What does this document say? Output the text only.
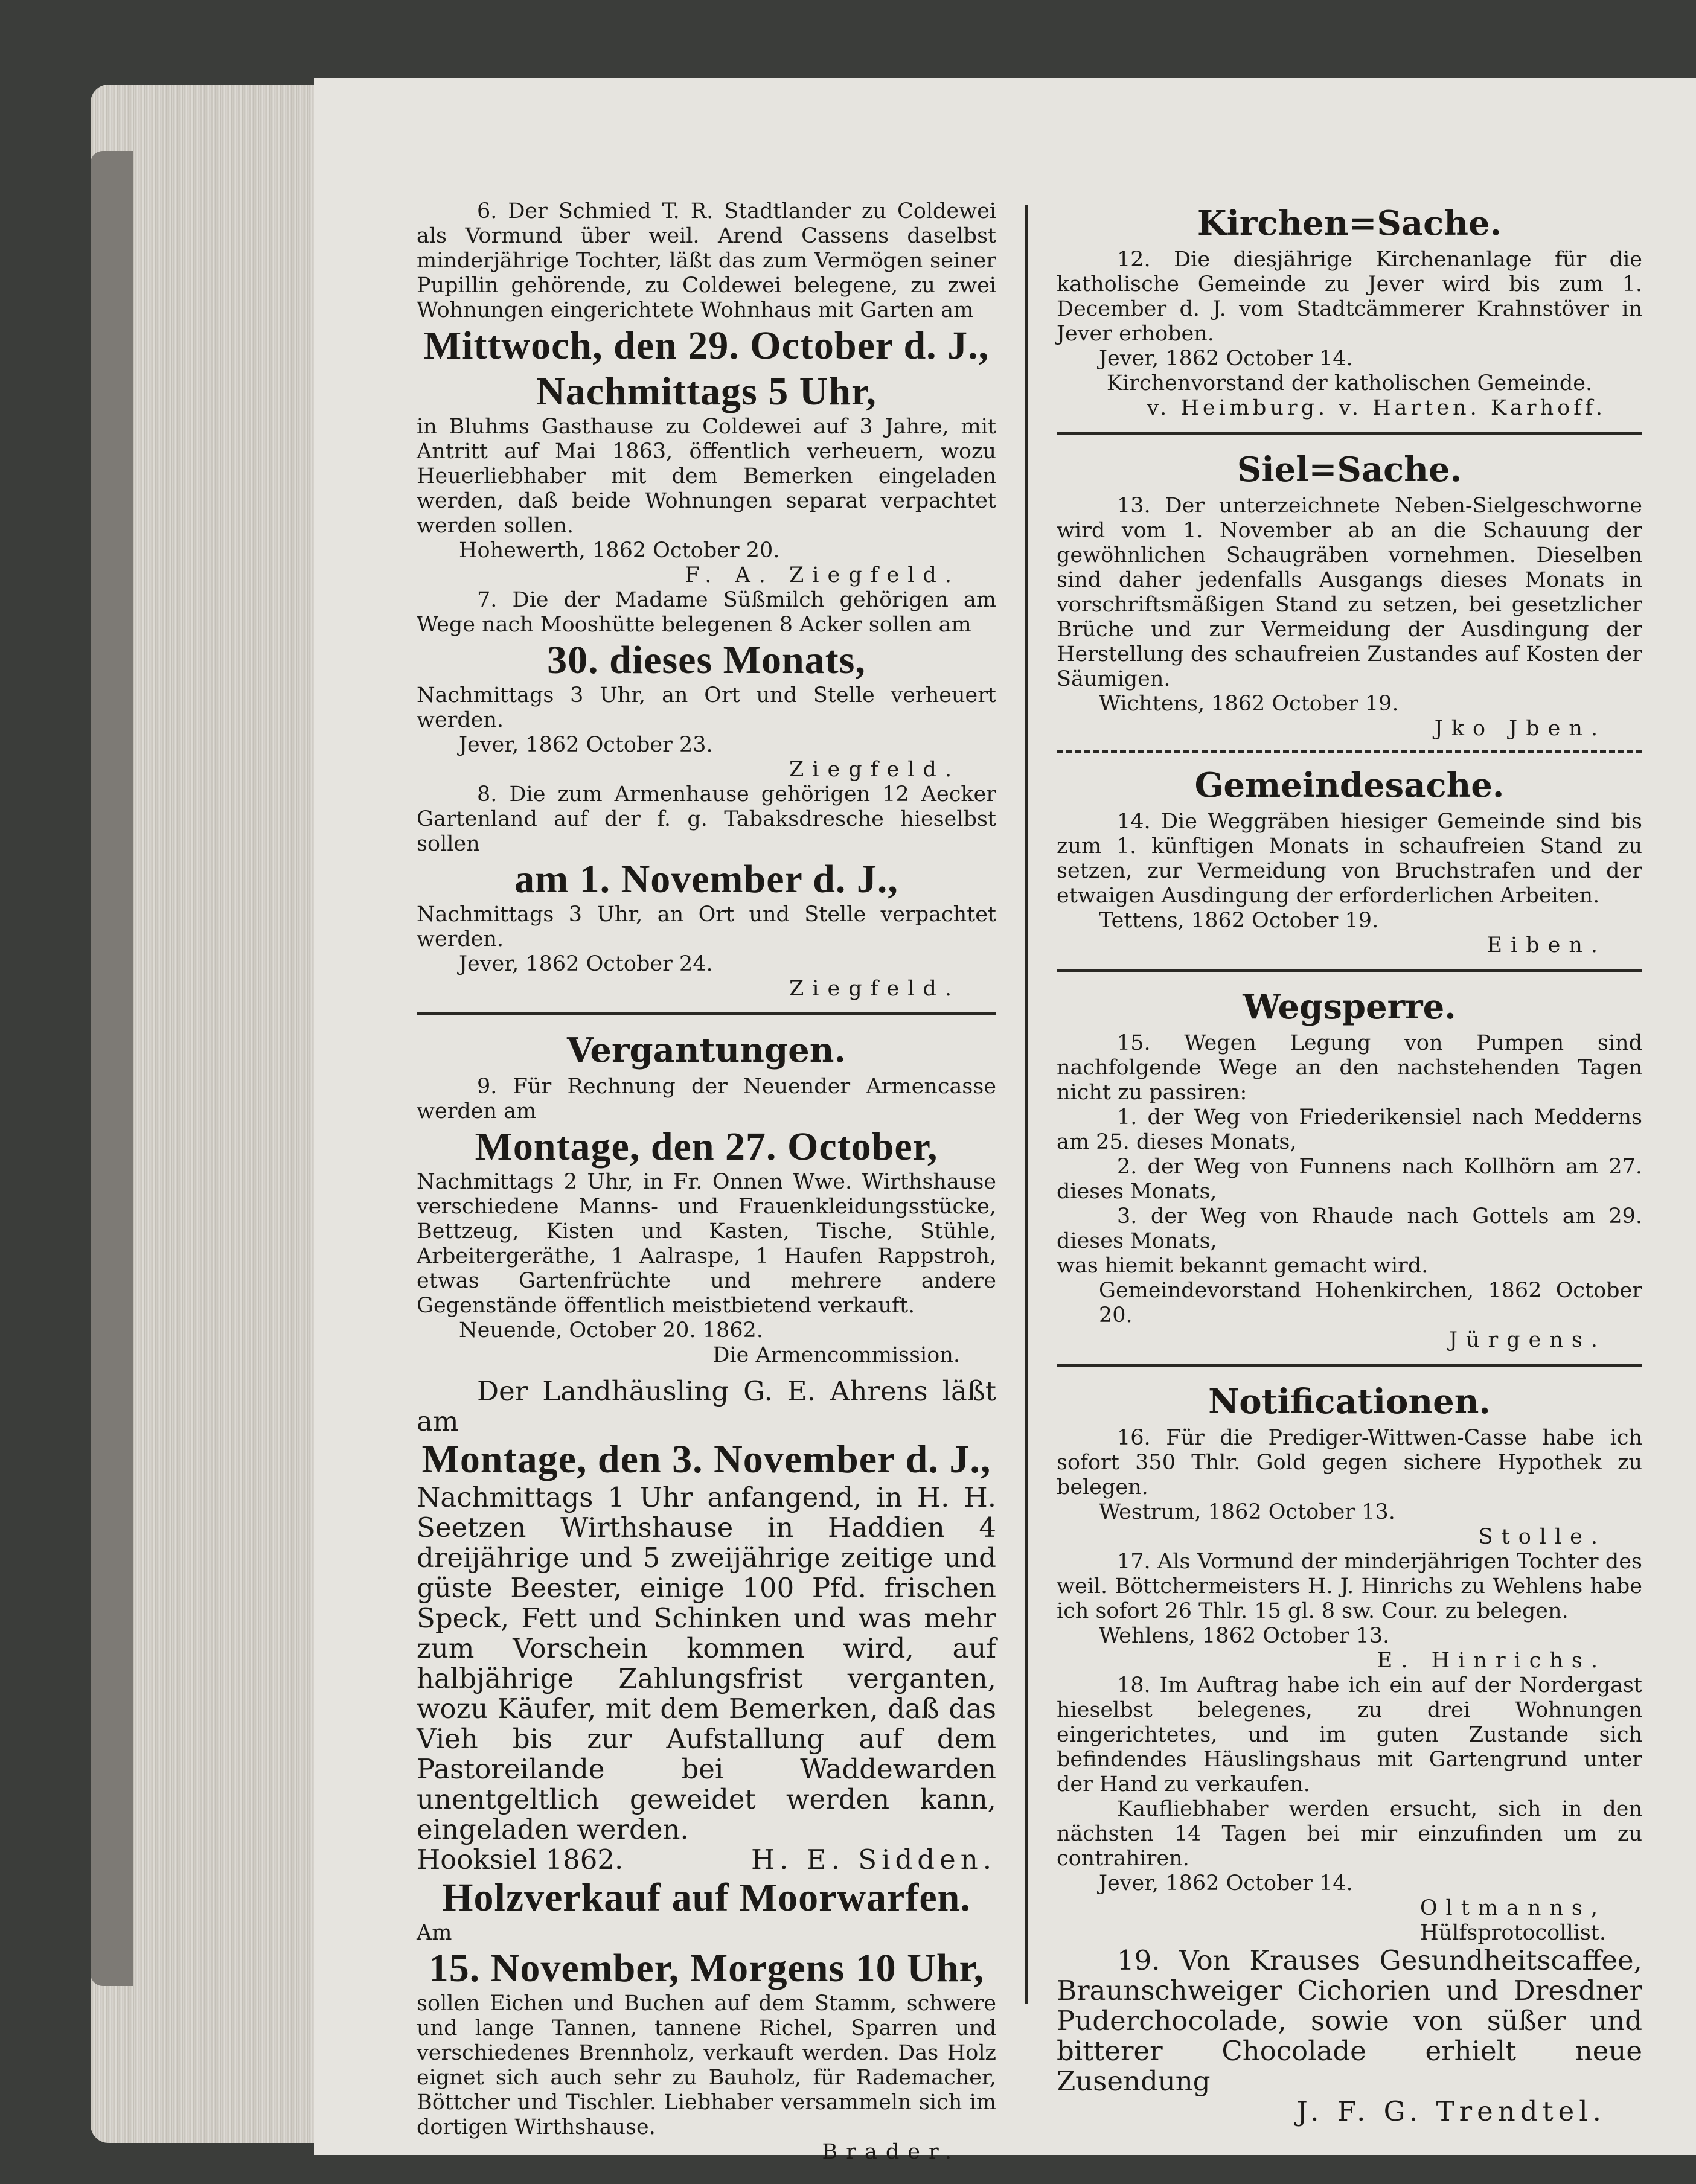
6. Der Schmied T. R. Stadtlander zu Coldewei als Vormund über weil. Arend Cassens daselbst minderjährige Tochter, läßt das zum Vermögen seiner Pupillin gehörende, zu Coldewei belegene, zu zwei Wohnungen eingerichtete Wohnhaus mit Garten am

Mittwoch, den 29. October d. J.,

Nachmittags 5 Uhr,

in Bluhms Gasthause zu Coldewei auf 3 Jahre, mit Antritt auf Mai 1863, öffentlich verheuern, wozu Heuerliebhaber mit dem Bemerken eingeladen werden, daß beide Wohnungen separat verpachtet werden sollen.

Hohewerth, 1862 October 20.

F. A. Ziegfeld.

7. Die der Madame Süßmilch gehörigen am Wege nach Mooshütte belegenen 8 Acker sollen am

30. dieses Monats,

Nachmittags 3 Uhr, an Ort und Stelle verheuert werden.

Jever, 1862 October 23.

Ziegfeld.

8. Die zum Armenhause gehörigen 12 Aecker Gartenland auf der f. g. Tabaksdresche hieselbst sollen

am 1. November d. J.,

Nachmittags 3 Uhr, an Ort und Stelle verpachtet werden.

Jever, 1862 October 24.

Ziegfeld.

Vergantungen.

9. Für Rechnung der Neuender Armencasse werden am

Montage, den 27. October,

Nachmittags 2 Uhr, in Fr. Onnen Wwe. Wirthshause verschiedene Manns- und Frauenkleidungsstücke, Bettzeug, Kisten und Kasten, Tische, Stühle, Arbeitergeräthe, 1 Aalraspe, 1 Haufen Rappstroh, etwas Gartenfrüchte und mehrere andere Gegenstände öffentlich meistbietend verkauft.

Neuende, October 20. 1862.

Die Armencommission.

Der Landhäusling G. E. Ahrens läßt am

Montage, den 3. November d. J.,

Nachmittags 1 Uhr anfangend, in H. H. Seetzen Wirthshause in Haddien 4 dreijährige und 5 zweijährige zeitige und güste Beester, einige 100 Pfd. frischen Speck, Fett und Schinken und was mehr zum Vorschein kommen wird, auf halbjährige Zahlungsfrist verganten, wozu Käufer, mit dem Bemerken, daß das Vieh bis zur Aufstallung auf dem Pastoreilande bei Waddewarden unentgeltlich geweidet werden kann, eingeladen werden.

Hooksiel 1862.	H. E. Sidden.

Holzverkauf auf Moorwarfen.

Am

15. November, Morgens 10 Uhr,

sollen Eichen und Buchen auf dem Stamm, schwere und lange Tannen, tannene Richel, Sparren und verschiedenes Brennholz, verkauft werden. Das Holz eignet sich auch sehr zu Bauholz, für Rademacher, Böttcher und Tischler. Liebhaber versammeln sich im dortigen Wirthshause.

Brader.

Kirchen=Sache.

12. Die diesjährige Kirchenanlage für die katholische Gemeinde zu Jever wird bis zum 1. December d. J. vom Stadtcämmerer Krahnstöver in Jever erhoben.

Jever, 1862 October 14.

Kirchenvorstand der katholischen Gemeinde.

v. Heimburg. v. Harten. Karhoff.

Siel=Sache.

13. Der unterzeichnete Neben-Sielgeschworne wird vom 1. November ab an die Schauung der gewöhnlichen Schaugräben vornehmen. Dieselben sind daher jedenfalls Ausgangs dieses Monats in vorschriftsmäßigen Stand zu setzen, bei gesetzlicher Brüche und zur Vermeidung der Ausdingung der Herstellung des schaufreien Zustandes auf Kosten der Säumigen.

Wichtens, 1862 October 19.

Jko Jben.

Gemeindesache.

14. Die Weggräben hiesiger Gemeinde sind bis zum 1. künftigen Monats in schaufreien Stand zu setzen, zur Vermeidung von Bruchstrafen und der etwaigen Ausdingung der erforderlichen Arbeiten.

Tettens, 1862 October 19.

Eiben.

Wegsperre.

15. Wegen Legung von Pumpen sind nachfolgende Wege an den nachstehenden Tagen nicht zu passiren:

1. der Weg von Friederikensiel nach Medderns am 25. dieses Monats,

2. der Weg von Funnens nach Kollhörn am 27. dieses Monats,

3. der Weg von Rhaude nach Gottels am 29. dieses Monats,

was hiemit bekannt gemacht wird.

Gemeindevorstand Hohenkirchen, 1862 October 20.

Jürgens.

Notificationen.

16. Für die Prediger-Wittwen-Casse habe ich sofort 350 Thlr. Gold gegen sichere Hypothek zu belegen.

Westrum, 1862 October 13.

Stolle.

17. Als Vormund der minderjährigen Tochter des weil. Böttchermeisters H. J. Hinrichs zu Wehlens habe ich sofort 26 Thlr. 15 gl. 8 sw. Cour. zu belegen.

Wehlens, 1862 October 13.

E. Hinrichs.

18. Im Auftrag habe ich ein auf der Nordergast hieselbst belegenes, zu drei Wohnungen eingerichtetes, und im guten Zustande sich befindendes Häuslingshaus mit Gartengrund unter der Hand zu verkaufen.

Kaufliebhaber werden ersucht, sich in den nächsten 14 Tagen bei mir einzufinden um zu contrahiren.

Jever, 1862 October 14.

Oltmanns,

Hülfsprotocollist.

19. Von Krauses Gesundheitscaffee, Braunschweiger Cichorien und Dresdner Puderchocolade, sowie von süßer und bitterer Chocolade erhielt neue Zusendung

J. F. G. Trendtel.
